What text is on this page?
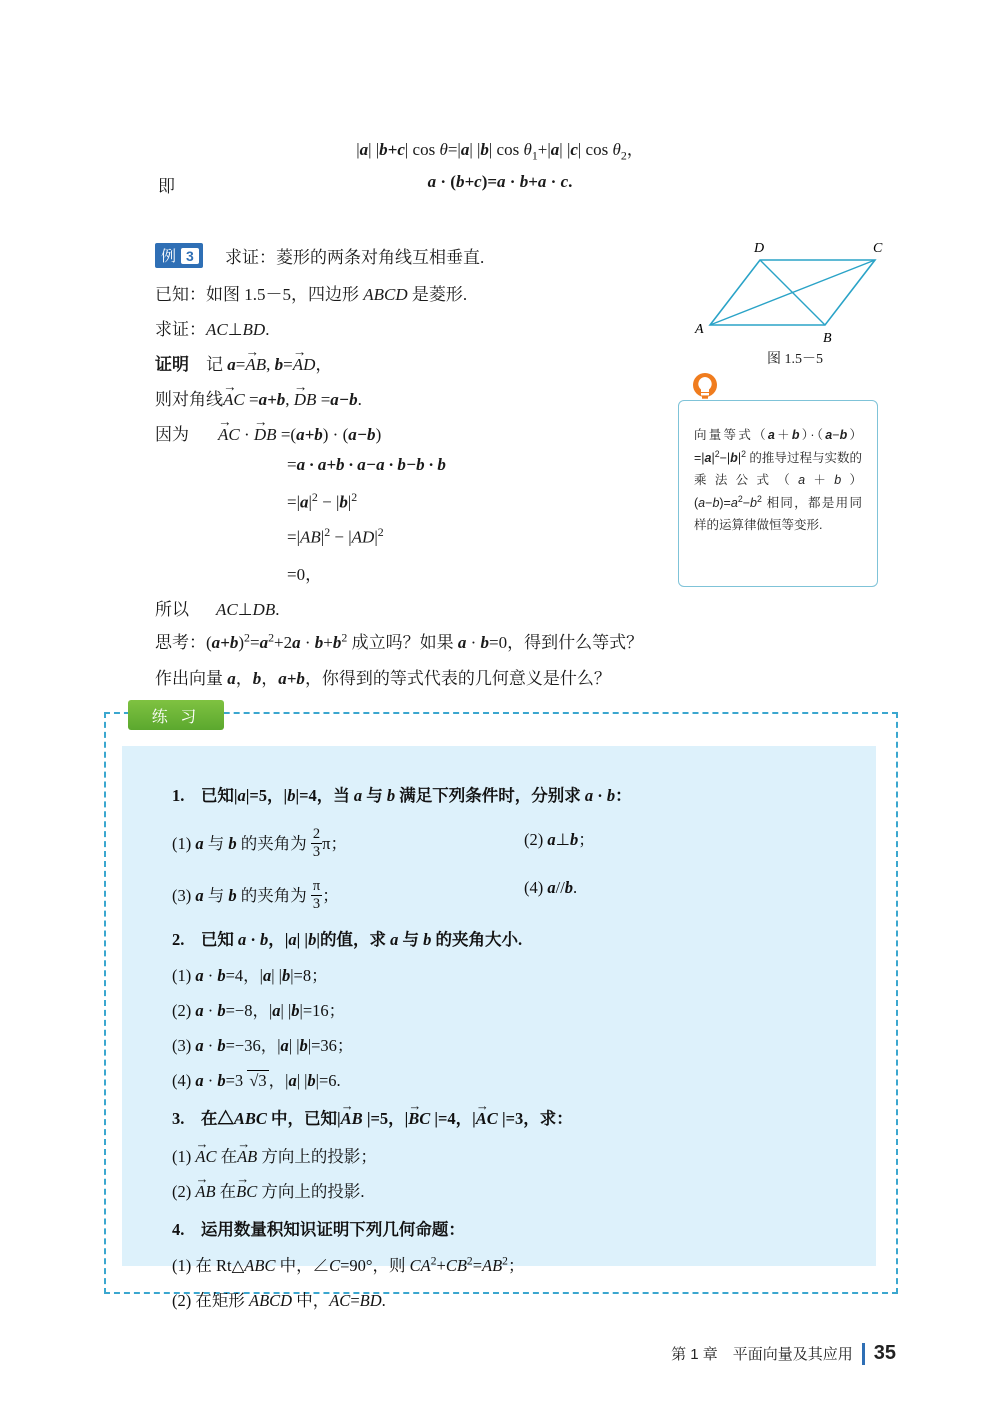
|a| |b+c| cos θ=|a| |b| $\cos \theta_1+|a|$ |c| $\cos \theta_2$，
即	a · (b+c)=a · b+a · c.
例 3 求证：菱形的两条对角线互相垂直.
已知：如图 1.5－5，四边形 ABCD 是菱形.
求证：AC⊥BD.
证明　记 a=
→
AB, b=
→
AD，
则对角线
→
AC =a+b,
→
DB =a−b.
因为　
→
AC ·
→
DB =(a+b) · (a−b)
=a · a+b · a−a · b−b · b
$=|a|^2 - |b|^2$
$=|AB|^2 - |AD|^2$
=0，
所以　AC⊥DB.
D	C
A
B
图 1.5－5
向量等式$(a+b)\cdot(a-b)=|a|^2-|b|^2$ 的推导过程与实数的乘法公式$(a+b)(a-b)=a^2-b^2$ 相同，都是用同样的运算律做恒等变形.
思考：$(a+b)^2=a^2+2a \cdot b+b^2$ 成立吗？如果 a · b=0，得到什么等式？
作出向量 a，b，a+b，你得到的等式代表的几何意义是什么？
练 习
1.　已知|a|=5，|b|=4，当 a 与 b 满足下列条件时，分别求 a · b：
(1) a 与 b 的夹角为 $\frac{2}{3}$ π；	(2) a⊥b；
(3) a 与 b 的夹角为 $\frac{\pi}{3}$ ；	(4) a//b.
2.　已知 a · b，|a| |b|的值，求 a 与 b 的夹角大小.
(1) a · b=4，|a| |b|=8；
(2) a · b=−8，|a| |b|=16；
(3) a · b=−36，|a| |b|=36；
(4) a · b=3 √3 ，|a| |b|=6.
3.　在△ABC 中，已知|
→
AB |=5，|
→
BC |=4，|
→
AC |=3，求：
(1)
→
AC 在
→
AB 方向上的投影；
(2)
→
AB 在
→
BC 方向上的投影.
4.　运用数量积知识证明下列几何命题：
(1) 在 Rt△ABC 中，∠C=90°，则 $CA^2+CB^2=AB^2$；
(2) 在矩形 ABCD 中，AC=BD.
第 1 章　平面向量及其应用 35
